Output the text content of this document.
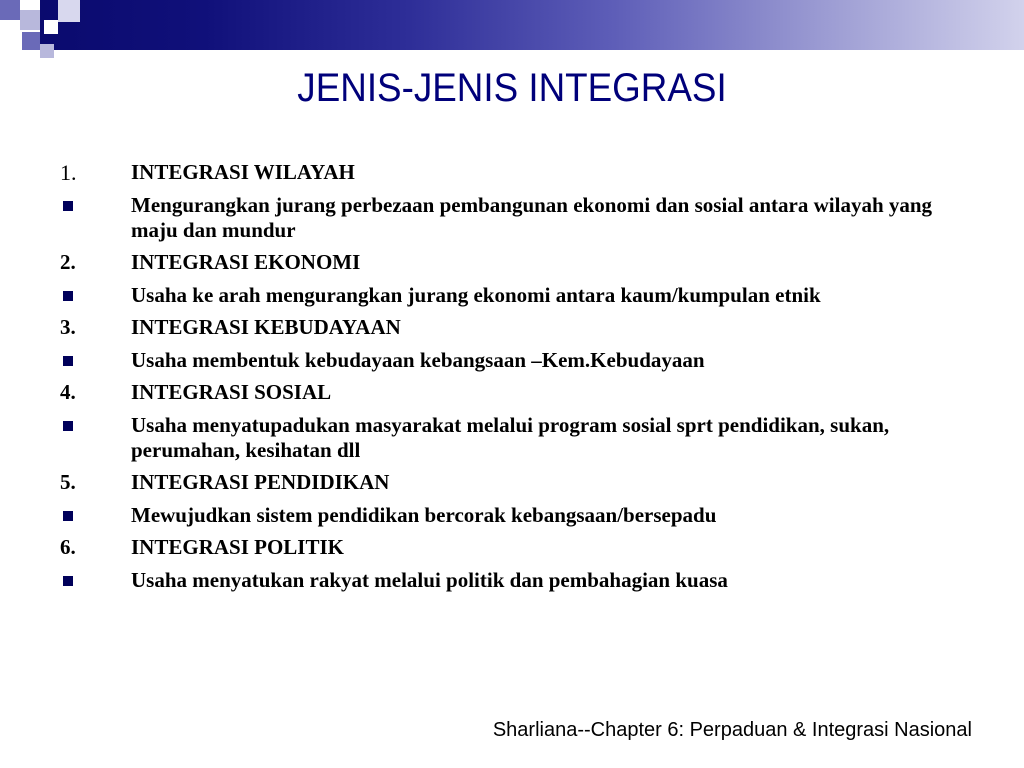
JENIS-JENIS INTEGRASI
1.	INTEGRASI WILAYAH
Mengurangkan jurang perbezaan pembangunan ekonomi dan sosial antara wilayah yang maju dan mundur
2.	INTEGRASI EKONOMI
Usaha ke arah mengurangkan jurang ekonomi antara kaum/kumpulan etnik
3.	INTEGRASI KEBUDAYAAN
Usaha membentuk kebudayaan kebangsaan –Kem.Kebudayaan
4.	INTEGRASI SOSIAL
Usaha menyatupadukan masyarakat melalui program sosial sprt pendidikan, sukan, perumahan, kesihatan dll
5.	INTEGRASI PENDIDIKAN
Mewujudkan sistem pendidikan bercorak kebangsaan/bersepadu
6.	INTEGRASI POLITIK
Usaha menyatukan rakyat melalui politik dan pembahagian kuasa
Sharliana--Chapter 6: Perpaduan & Integrasi Nasional
